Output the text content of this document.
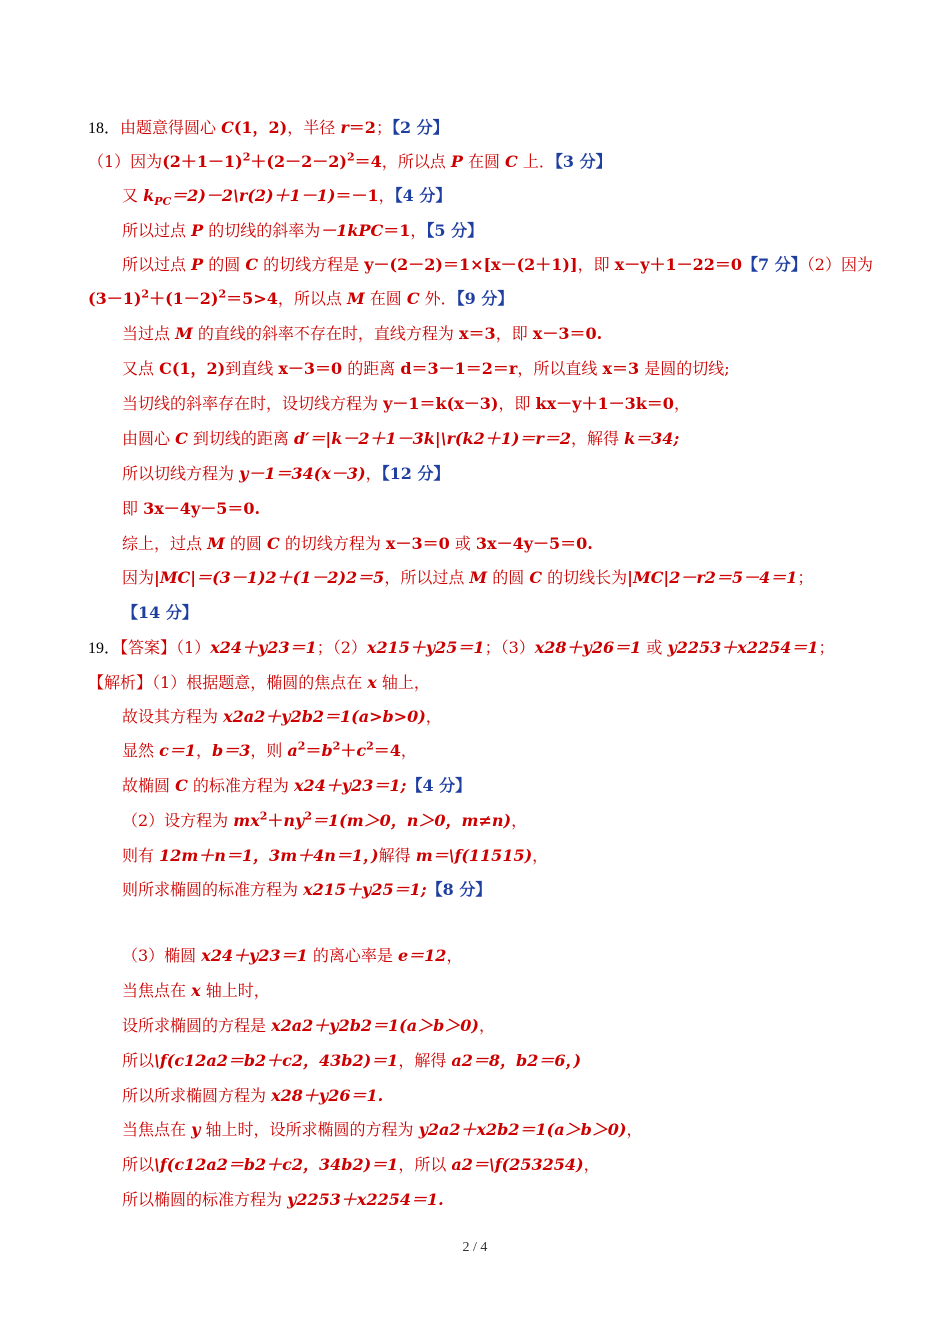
18．由题意得圆心 C(1，2)，半径 r＝2；【2 分】
（1）因为$(2+1-1)^2+(2-2-2)^2=4$，所以点 P 在圆 C 上．【3 分】
又 $k_{PC}=2)-2\backslash r(2)+1-1)=-1$，【4 分】
所以过点 P 的切线的斜率为－1kPC＝1，【5 分】
所以过点 P 的圆 C 的切线方程是 y－(2－2)＝1×[x－(2＋1)]，即 x－y＋1－22＝0【7 分】（2）因为
$(3-1)^2+(1-2)^2=5>4$，所以点 M 在圆 C 外．【9 分】
当过点 M 的直线的斜率不存在时，直线方程为 x＝3，即 x－3＝0.
又点 C(1，2)到直线 x－3＝0 的距离 d＝3－1＝2＝r，所以直线 x＝3 是圆的切线;
当切线的斜率存在时，设切线方程为 y－1＝k(x－3)，即 kx－y＋1－3k＝0，
由圆心 C 到切线的距离 d′＝|k－2＋1－3k|\r(k2＋1)＝r＝2，解得 k＝34;
所以切线方程为 y－1＝34(x－3)，【12 分】
即 3x－4y－5＝0.
综上，过点 M 的圆 C 的切线方程为 x－3＝0 或 3x－4y－5＝0.
因为|MC|＝(3－1)2＋(1－2)2＝5，所以过点 M 的圆 C 的切线长为|MC|2－r2＝5－4＝1；
【14 分】
19．【答案】（1）x24＋y23＝1；（2）x215＋y25＝1；（3）x28＋y26＝1 或 y2253＋x2254＝1；
【解析】（1）根据题意，椭圆的焦点在 x 轴上，
故设其方程为 x2a2＋y2b2＝1(a>b>0)，
显然 c＝1，b＝3，则 $a^2=b^2+c^2=4$，
故椭圆 C 的标准方程为 x24＋y23＝1;【4 分】
（2）设方程为 $mx^2+ny^2=1(m>0$，n＞0，m≠n)，
则有 12m＋n＝1，3m＋4n＝1，)解得 m＝\f(11515)，
则所求椭圆的标准方程为 x215＋y25＝1;【8 分】
（3）椭圆 x24＋y23＝1 的离心率是 e＝12，
当焦点在 x 轴上时，
设所求椭圆的方程是 x2a2＋y2b2＝1(a＞b＞0)，
所以\f(c12a2＝b2＋c2，43b2)＝1，解得 a2＝8，b2＝6，)
所以所求椭圆方程为 x28＋y26＝1.
当焦点在 y 轴上时，设所求椭圆的方程为 y2a2＋x2b2＝1(a＞b＞0)，
所以\f(c12a2＝b2＋c2，34b2)＝1，所以 a2＝\f(253254)，
所以椭圆的标准方程为 y2253＋x2254＝1.
2 / 4
